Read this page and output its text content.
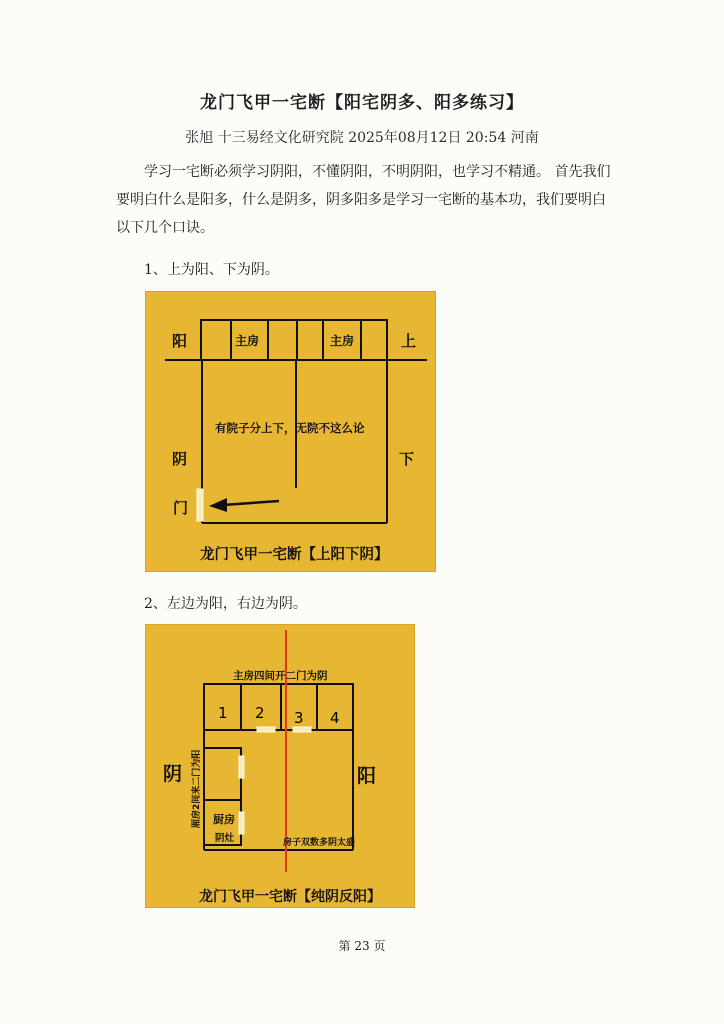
龙门飞甲一宅断【阳宅阴多、阳多练习】
张旭 十三易经文化研究院 2025年08月12日 20:54 河南

学习一宅断必须学习阴阳，不懂阴阳，不明阴阳，也学习不精通。 首先我们要明白什么是阳多，什么是阴多，阴多阳多是学习一宅断的基本功，我们要明白以下几个口诀。

1、上为阳、下为阴。

阳	上
主房	主房
有院子分上下，无院不这么论
阴	下
门
龙门飞甲一宅断【上阳下阴】

2、左边为阳，右边为阴。

主房四间开二门为阴
1 2 3 4
阴	阳
厢房2间来二门为阳 厨房
阴灶	房子双数多阴太盛
龙门飞甲一宅断【纯阴反阳】
第 23 页
